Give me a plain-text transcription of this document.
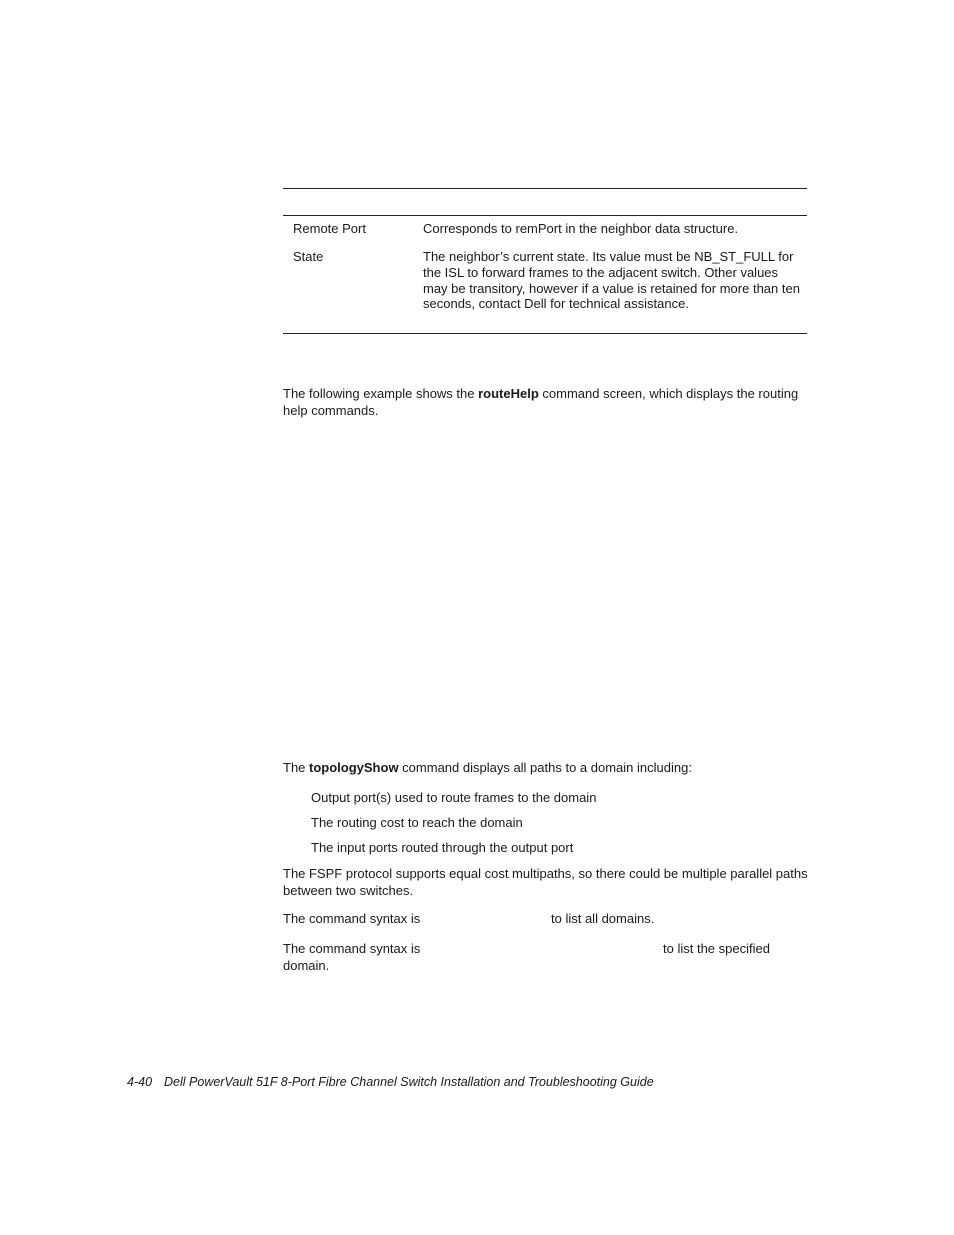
Remote Port	Corresponds to remPort in the neighbor data structure.
State	The neighbor’s current state. Its value must be NB_ST_FULL for the ISL to forward frames to the adjacent switch. Other values may be transitory, however if a value is retained for more than ten seconds, contact Dell for technical assistance.

The following example shows the routeHelp command screen, which displays the routing help commands.

The topologyShow command displays all paths to a domain including:

Output port(s) used to route frames to the domain
The routing cost to reach the domain
The input ports routed through the output port

The FSPF protocol supports equal cost multipaths, so there could be multiple parallel paths between two switches.

The command syntax is	to list all domains.
The command syntax is	to list the specified
domain.
4-40 Dell PowerVault 51F 8-Port Fibre Channel Switch Installation and Troubleshooting Guide
